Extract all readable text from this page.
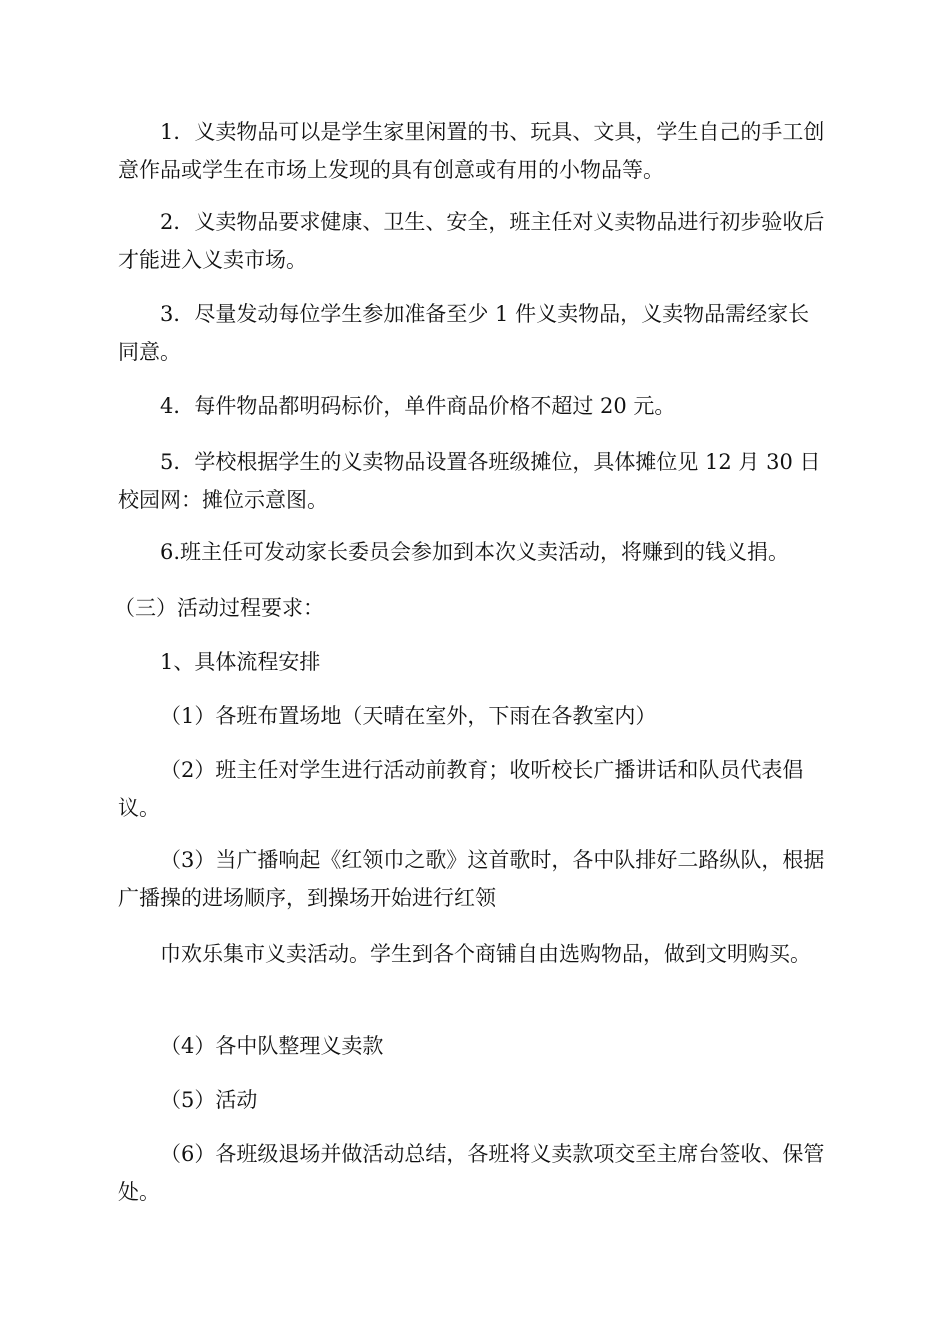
1．义卖物品可以是学生家里闲置的书、玩具、文具，学生自己的手工创意作品或学生在市场上发现的具有创意或有用的小物品等。

2．义卖物品要求健康、卫生、安全，班主任对义卖物品进行初步验收后才能进入义卖市场。

3．尽量发动每位学生参加准备至少 1 件义卖物品，义卖物品需经家长同意。

4．每件物品都明码标价，单件商品价格不超过 20 元。

5．学校根据学生的义卖物品设置各班级摊位，具体摊位见 12 月 30 日校园网：摊位示意图。

6.班主任可发动家长委员会参加到本次义卖活动，将赚到的钱义捐。

（三）活动过程要求：

1、具体流程安排

（1）各班布置场地（天晴在室外，下雨在各教室内）

（2）班主任对学生进行活动前教育；收听校长广播讲话和队员代表倡议。

（3）当广播响起《红领巾之歌》这首歌时，各中队排好二路纵队，根据广播操的进场顺序，到操场开始进行红领

巾欢乐集市义卖活动。学生到各个商铺自由选购物品，做到文明购买。

（4）各中队整理义卖款

（5）活动

（6）各班级退场并做活动总结，各班将义卖款项交至主席台签收、保管处。
